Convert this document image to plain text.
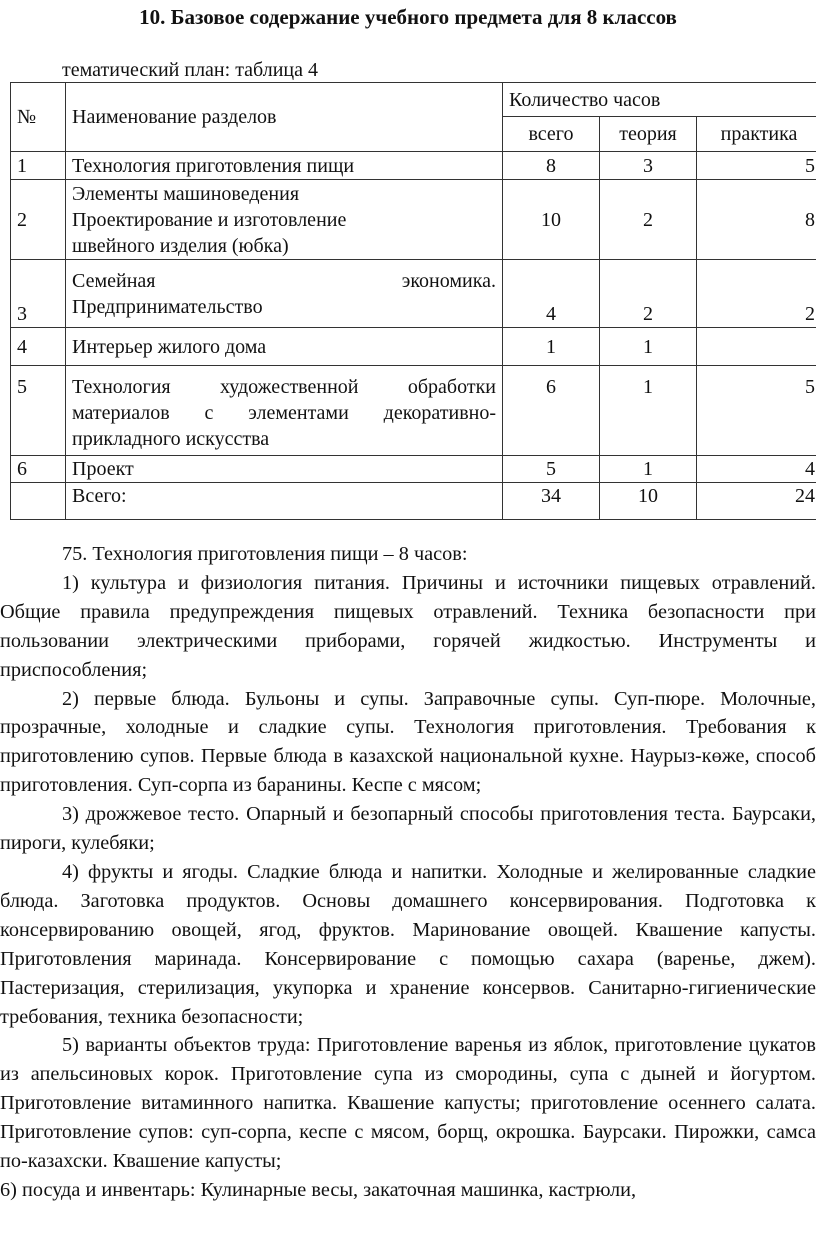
10. Базовое содержание учебного предмета для 8 классов
тематический план: таблица 4
№	Наименование разделов	Количество часов		
		всего	теория	практика
1	Технология приготовления пищи	8	3	5
2	Элементы машиноведения
Проектирование и изготовление
швейного изделия (юбка)	10	2	8
3	Семейная экономика.
Предпринимательство	4	2	2
4	Интерьер жилого дома	1	1	
5	Технология художественной обработки материалов с элементами декоративно-прикладного искусства	6	1	5
6	Проект	5	1	4
	Всего:	34	10	24

75. Технология приготовления пищи – 8 часов:

1) культура и физиология питания. Причины и источники пищевых отравлений. Общие правила предупреждения пищевых отравлений. Техника безопасности при пользовании электрическими приборами, горячей жидкостью. Инструменты и приспособления;

2) первые блюда. Бульоны и супы. Заправочные супы. Суп-пюре. Молочные, прозрачные, холодные и сладкие супы. Технология приготовления. Требования к приготовлению супов. Первые блюда в казахской национальной кухне. Наурыз-көже, способ приготовления. Суп-сорпа из баранины. Кеспе с мясом;

3) дрожжевое тесто. Опарный и безопарный способы приготовления теста. Баурсаки, пироги, кулебяки;

4) фрукты и ягоды. Сладкие блюда и напитки. Холодные и желированные сладкие блюда. Заготовка продуктов. Основы домашнего консервирования. Подготовка к консервированию овощей, ягод, фруктов. Маринование овощей. Квашение капусты. Приготовления маринада. Консервирование с помощью сахара (варенье, джем). Пастеризация, стерилизация, укупорка и хранение консервов. Санитарно-гигиенические требования, техника безопасности;

5) варианты объектов труда: Приготовление варенья из яблок, приготовление цукатов из апельсиновых корок. Приготовление супа из смородины, супа с дыней и йогуртом. Приготовление витаминного напитка. Квашение капусты; приготовление осеннего салата. Приготовление супов: суп-сорпа, кеспе с мясом, борщ, окрошка. Баурсаки. Пирожки, самса по-казахски. Квашение капусты;

6) посуда и инвентарь: Кулинарные весы, закаточная машинка, кастрюли,
